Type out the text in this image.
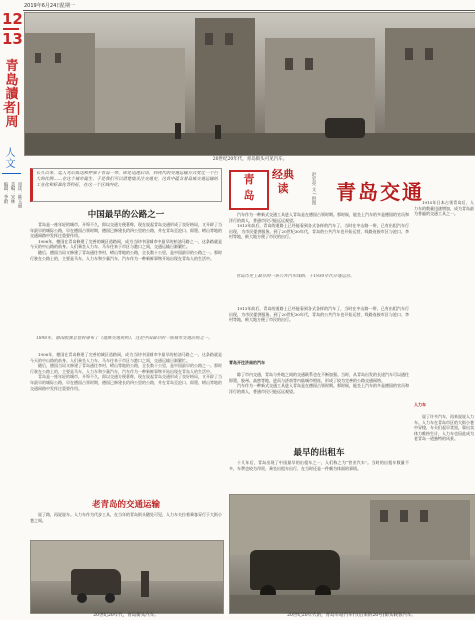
2019年6月24日
星期一
12
13
青島讀者|周
人文
编辑：李蔚 美编：宋林 审读：陈玉丽
20世纪20年代，青岛街头可见汽车。
长久以来，迄人先后抵达和停靠于青岛一带，即是迅速启动，到现代的交通运输方式变迁一个巨大的比例……在这个城市诞生，于是我们可以清楚地关注交通史，这其中蕴含着岛城交通运输的工业化和标准化等特征，在这一个区域内化。
中国最早的公路之一

青岛是一座年轻的城市，开埠不久，即以交通方便著称，现在说起青岛交通形成了良好格局，又开辟了当年最早的城际公路，早在德国占领时期，德国已修建长约四公里的公路，并在青岛至沧口、即墨、崂山等地的交通网路中发挥过重要作用。

1906年，德国在青岛修建了完善的城区道路网，成为当时中国城市中最早的柏油马路之一，这条路就是今天的中山路的前身。人们乘坐人力车、马车往来于市区与港口之间，交通运输日渐繁忙。

随后，德国当局又修建了青岛通往李村、崂山等地的公路，全长数十公里，是中国最早的公路之一。那时行驶在公路上的，主要是马车、人力车和少量汽车，汽车作为一种新鲜事物开始出现在青岛人的生活中。

1898年，德国胶澳总督府颁布了《道路交通规则》，这是中国最早的一部城市交通法规之一。

1906年，德国在青岛修建了完善的城区道路网，成为当时中国城市中最早的柏油马路之一，这条路就是今天的中山路的前身。人们乘坐人力车、马车往来于市区与港口之间，交通运输日渐繁忙。

随后，德国当局又修建了青岛通往李村、崂山等地的公路，全长数十公里，是中国最早的公路之一。那时行驶在公路上的，主要是马车、人力车和少量汽车，汽车作为一种新鲜事物开始出现在青岛人的生活中。

青岛是一座年轻的城市，开埠不久，即以交通方便著称，现在说起青岛交通形成了良好格局，又开辟了当年最早的城际公路，早在德国占领时期，德国已修建长约四公里的公路，并在青岛至沧口、即墨、崂山等地的交通网路中发挥过重要作用。

老青岛的交通运输

说了路，再说说车。人力车作为代步工具，在当年的青岛街头随处可见，人力车夫拉着乘客穿行于大街小巷之间。

青
岛
经典
读	赵宏亮 文 / 供图 青岛交通

汽车作为一种新式交通工具进入青岛是在德国占领时期。那时候，能坐上汽车的多是德国的官员和洋行的商人，普通市民只能远远观望。

1913年前后，青岛的道路上已经能看到各式各样的汽车了，当时在中山路一带，已有出租汽车行出现，为市民提供服务。到了20世纪30年代，青岛的公共汽车也开始运营，线路连接市区与沧口、李村等地，极大地方便了市民的出行。

青岛历史上最早的一条公共汽车线路，于1930年代开通运营。

1913年前后，青岛的道路上已经能看到各式各样的汽车了，当时在中山路一带，已有出租汽车行出现，为市民提供服务。到了20世纪30年代，青岛的公共汽车也开始运营，线路连接市区与沧口、李村等地，极大地方便了市民的出行。

青岛开往济南的汽车

除了市内交通，青岛与外地之间的交通联系也在不断加强。当时，从青岛出发的长途汽车可以通往即墨、胶州、高密等地，进而与济南等内陆城市相连，形成了较为完善的公路交通网络。

汽车作为一种新式交通工具进入青岛是在德国占领时期。那时候，能坐上汽车的多是德国的官员和洋行的商人，普通市民只能远远观望。

最早的出租车

十几年后，青岛出现了中国最早的出租车之一，人们称之为“营业汽车”。当时的出租车数量不多，车费也较为昂贵，乘坐出租车出行，在当时还是一件颇为体面的事情。

1915年日本占领青岛后，人力车的数量迅速增加，成为青岛最为普遍的交通工具之一。

人力车

说了许多汽车，再来说说人力车。人力车在青岛市区的大街小巷中穿梭，车夫们起早贪黑，靠出卖体力维持生计，人力车也因此成为老青岛一道独特的风景。

20世纪20年代，青岛街头汽车。	20世纪20年代的，青岛车站汽车行(后来的26号)街头载客汽车。
